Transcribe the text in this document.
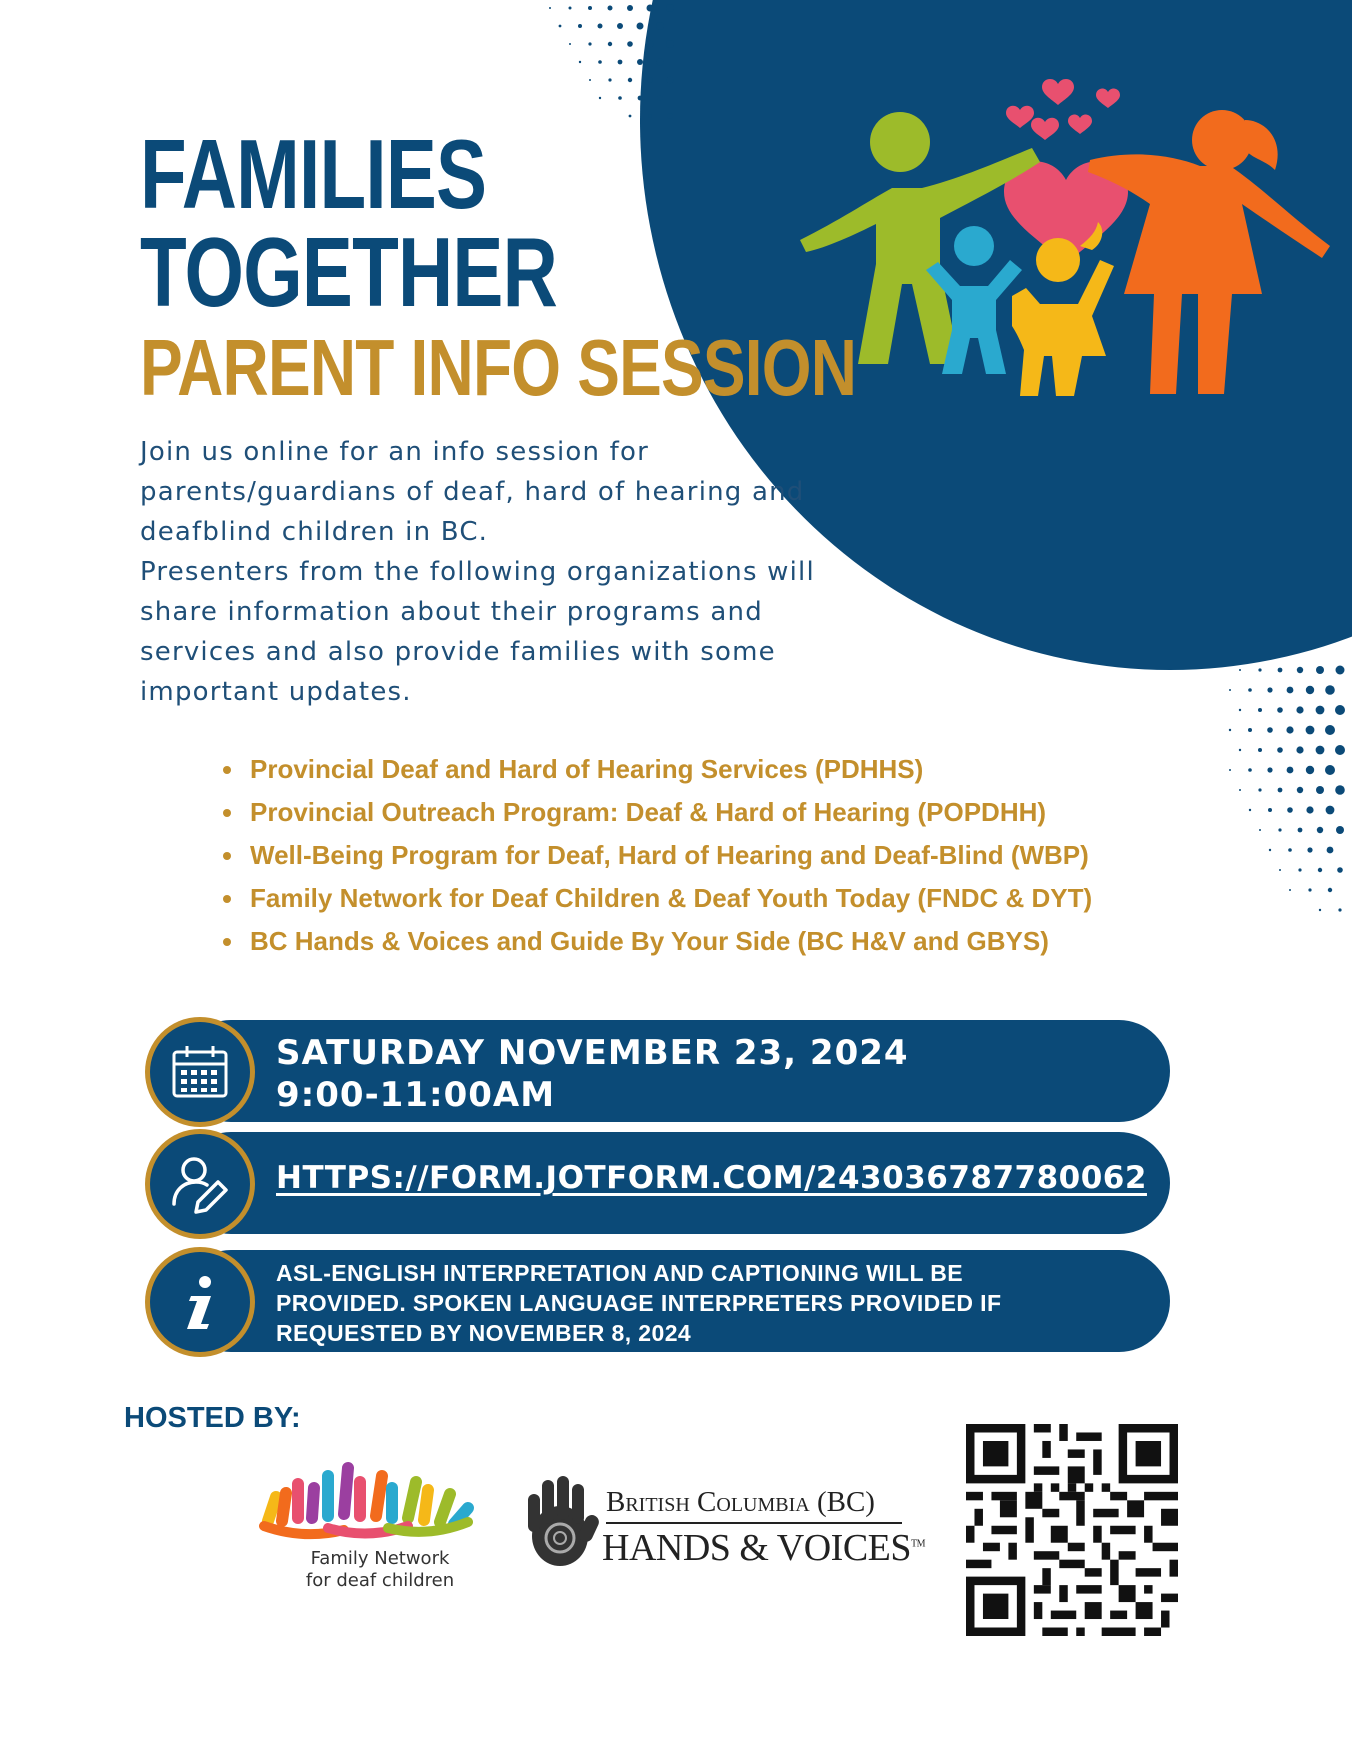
FAMILIES
TOGETHER
PARENT INFO SESSION

Join us online for an info session for parents/guardians of deaf, hard of hearing and deafblind children in BC.

Presenters from the following organizations will share information about their programs and services and also provide families with some important updates.

• Provincial Deaf and Hard of Hearing Services (PDHHS)
• Provincial Outreach Program: Deaf & Hard of Hearing (POPDHH)
• Well-Being Program for Deaf, Hard of Hearing and Deaf-Blind (WBP)
• Family Network for Deaf Children & Deaf Youth Today (FNDC & DYT)
• BC Hands & Voices and Guide By Your Side (BC H&V and GBYS)
SATURDAY NOVEMBER 23, 2024
9:00-11:00AM
HTTPS://FORM.JOTFORM.COM/243036787780062
ASL-ENGLISH INTERPRETATION AND CAPTIONING WILL BE
PROVIDED. SPOKEN LANGUAGE INTERPRETERS PROVIDED IF
REQUESTED BY NOVEMBER 8, 2024
HOSTED BY:
Family Network
for deaf children
British Columbia (BC)
HANDS & VOICES™
